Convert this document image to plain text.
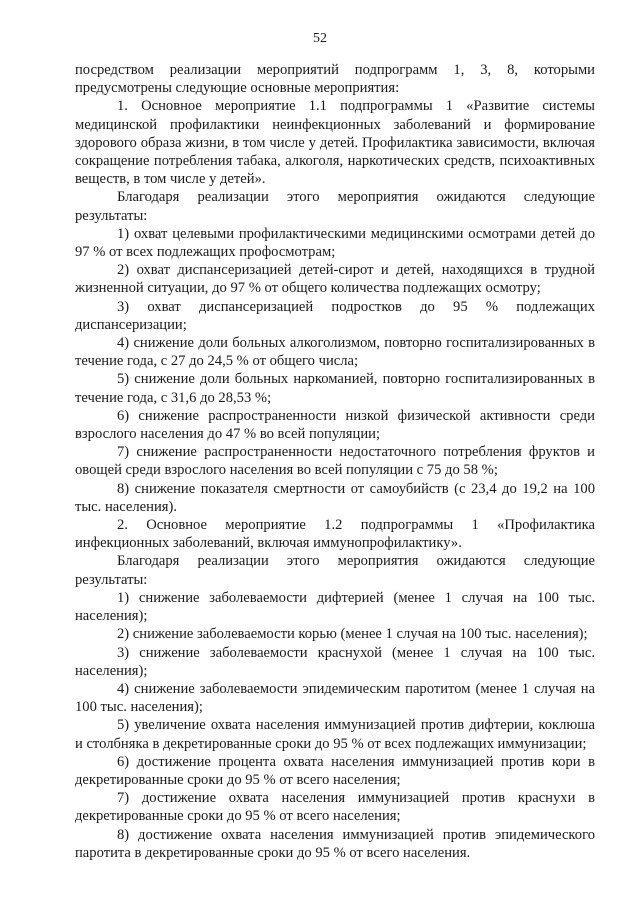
52

посредством реализации мероприятий подпрограмм 1, 3, 8, которыми предусмотрены следующие основные мероприятия:

1. Основное мероприятие 1.1 подпрограммы 1 «Развитие системы медицинской профилактики неинфекционных заболеваний и формирование здорового образа жизни, в том числе у детей. Профилактика зависимости, включая сокращение потребления табака, алкоголя, наркотических средств, психоактивных веществ, в том числе у детей».

Благодаря реализации этого мероприятия ожидаются следующие результаты:

1) охват целевыми профилактическими медицинскими осмотрами детей до 97 % от всех подлежащих профосмотрам;

2) охват диспансеризацией детей-сирот и детей, находящихся в трудной жизненной ситуации, до 97 % от общего количества подлежащих осмотру;

3) охват диспансеризацией подростков до 95 % подлежащих диспансеризации;

4) снижение доли больных алкоголизмом, повторно госпитализированных в течение года, с 27 до 24,5 % от общего числа;

5) снижение доли больных наркоманией, повторно госпитализированных в течение года, с 31,6 до 28,53 %;

6) снижение распространенности низкой физической активности среди взрослого населения до 47 % во всей популяции;

7) снижение распространенности недостаточного потребления фруктов и овощей среди взрослого населения во всей популяции с 75 до 58 %;

8) снижение показателя смертности от самоубийств (с 23,4 до 19,2 на 100 тыс. населения).

2. Основное мероприятие 1.2 подпрограммы 1 «Профилактика инфекционных заболеваний, включая иммунопрофилактику».

Благодаря реализации этого мероприятия ожидаются следующие результаты:

1) снижение заболеваемости дифтерией (менее 1 случая на 100 тыс. населения);

2) снижение заболеваемости корью (менее 1 случая на 100 тыс. населения);

3) снижение заболеваемости краснухой (менее 1 случая на 100 тыс. населения);

4) снижение заболеваемости эпидемическим паротитом (менее 1 случая на 100 тыс. населения);

5) увеличение охвата населения иммунизацией против дифтерии, коклюша и столбняка в декретированные сроки до 95 % от всех подлежащих иммунизации;

6) достижение процента охвата населения иммунизацией против кори в декретированные сроки до 95 % от всего населения;

7) достижение охвата населения иммунизацией против краснухи в декретированные сроки до 95 % от всего населения;

8) достижение охвата населения иммунизацией против эпидемического паротита в декретированные сроки до 95 % от всего населения.
